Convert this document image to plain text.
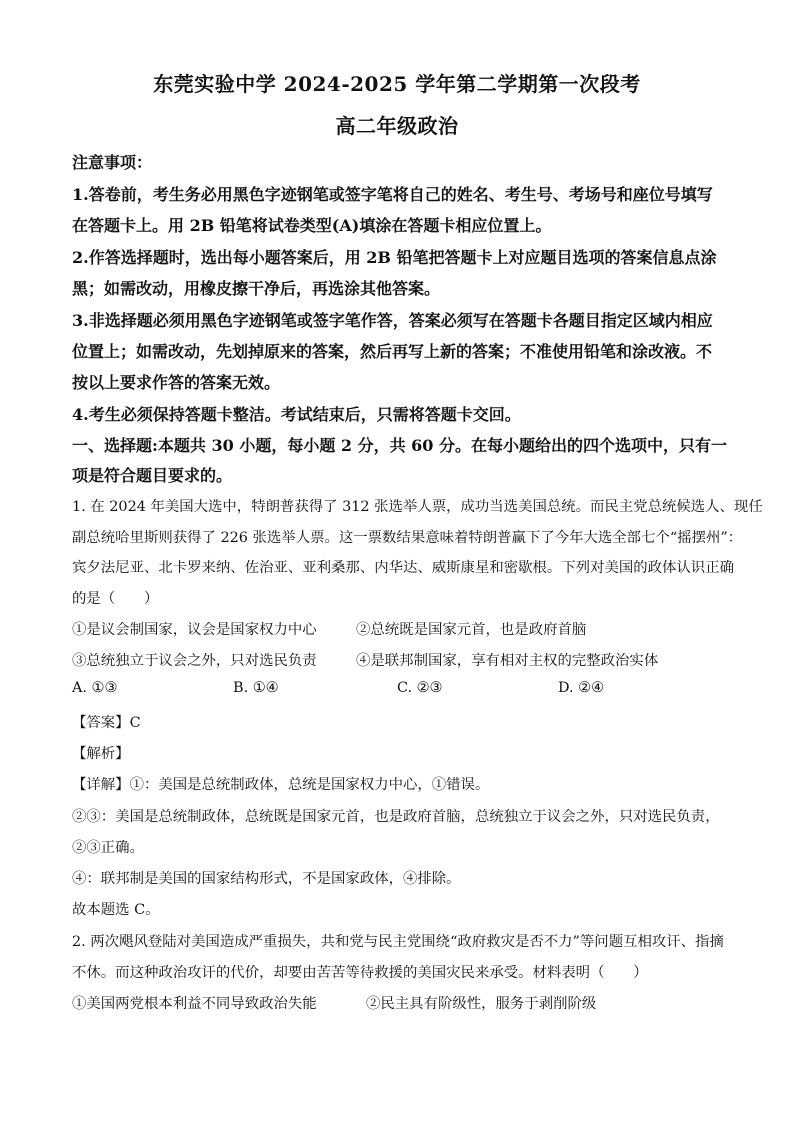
东莞实验中学 2024-2025 学年第二学期第一次段考
高二年级政治
注意事项：
1.答卷前，考生务必用黑色字迹钢笔或签字笔将自己的姓名、考生号、考场号和座位号填写
在答题卡上。用 2B 铅笔将试卷类型(A)填涂在答题卡相应位置上。
2.作答选择题时，选出每小题答案后，用 2B 铅笔把答题卡上对应题目选项的答案信息点涂
黑；如需改动，用橡皮擦干净后，再选涂其他答案。
3.非选择题必须用黑色字迹钢笔或签字笔作答，答案必须写在答题卡各题目指定区域内相应
位置上；如需改动，先划掉原来的答案，然后再写上新的答案；不准使用铅笔和涂改液。不
按以上要求作答的答案无效。
4.考生必须保持答题卡整洁。考试结束后，只需将答题卡交回。
一、选择题:本题共 30 小题，每小题 2 分，共 60 分。在每小题给出的四个选项中，只有一
项是符合题目要求的。
1. 在 2024 年美国大选中，特朗普获得了 312 张选举人票，成功当选美国总统。而民主党总统候选人、现任
副总统哈里斯则获得了 226 张选举人票。这一票数结果意味着特朗普赢下了今年大选全部七个“摇摆州”：
宾夕法尼亚、北卡罗来纳、佐治亚、亚利桑那、内华达、威斯康星和密歇根。下列对美国的政体认识正确
的是（　　）
①是议会制国家，议会是国家权力中心	②总统既是国家元首，也是政府首脑
③总统独立于议会之外，只对选民负责	④是联邦制国家，享有相对主权的完整政治实体
A. ①③	B. ①④	C. ②③	D. ②④
【答案】C
【解析】
【详解】①：美国是总统制政体，总统是国家权力中心，①错误。
②③：美国是总统制政体，总统既是国家元首，也是政府首脑，总统独立于议会之外，只对选民负责，
②③正确。
④：联邦制是美国的国家结构形式，不是国家政体，④排除。
故本题选 C。
2. 两次飓风登陆对美国造成严重损失，共和党与民主党围绕“政府救灾是否不力”等问题互相攻讦、指摘
不休。而这种政治攻讦的代价，却要由苦苦等待救援的美国灾民来承受。材料表明（　　）
①美国两党根本利益不同导致政治失能	②民主具有阶级性，服务于剥削阶级
